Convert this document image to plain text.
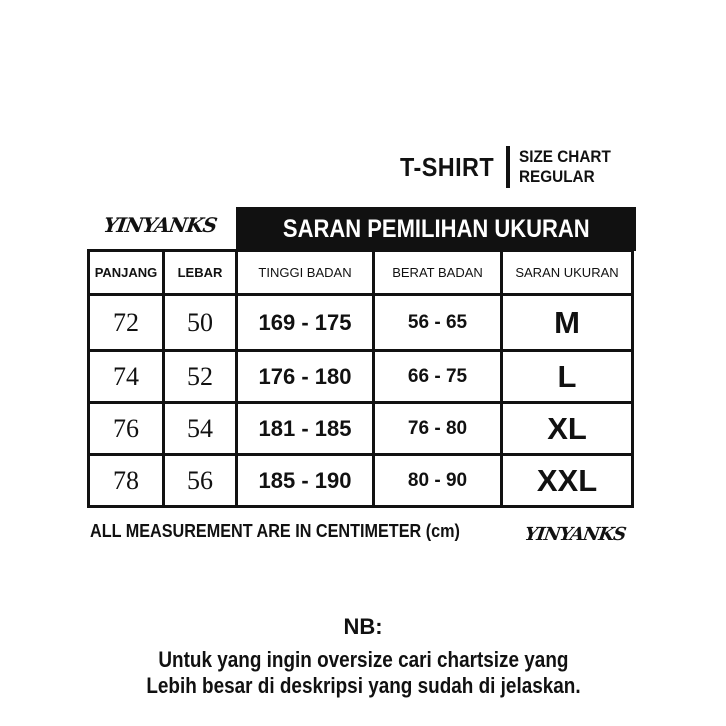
T-SHIRT SIZE CHART
REGULAR
YINYANKS	SARAN PEMILIHAN UKURAN
PANJANG	LEBAR	TINGGI BADAN	BERAT BADAN	SARAN UKURAN
72	50	169 - 175	56 - 65	M
74	52	176 - 180	66 - 75	L
76	54	181 - 185	76 - 80	XL
78	56	185 - 190	80 - 90	XXL
ALL MEASUREMENT ARE IN CENTIMETER (cm)	YINYANKS
NB:
Untuk yang ingin oversize cari chartsize yang
Lebih besar di deskripsi yang sudah di jelaskan.
